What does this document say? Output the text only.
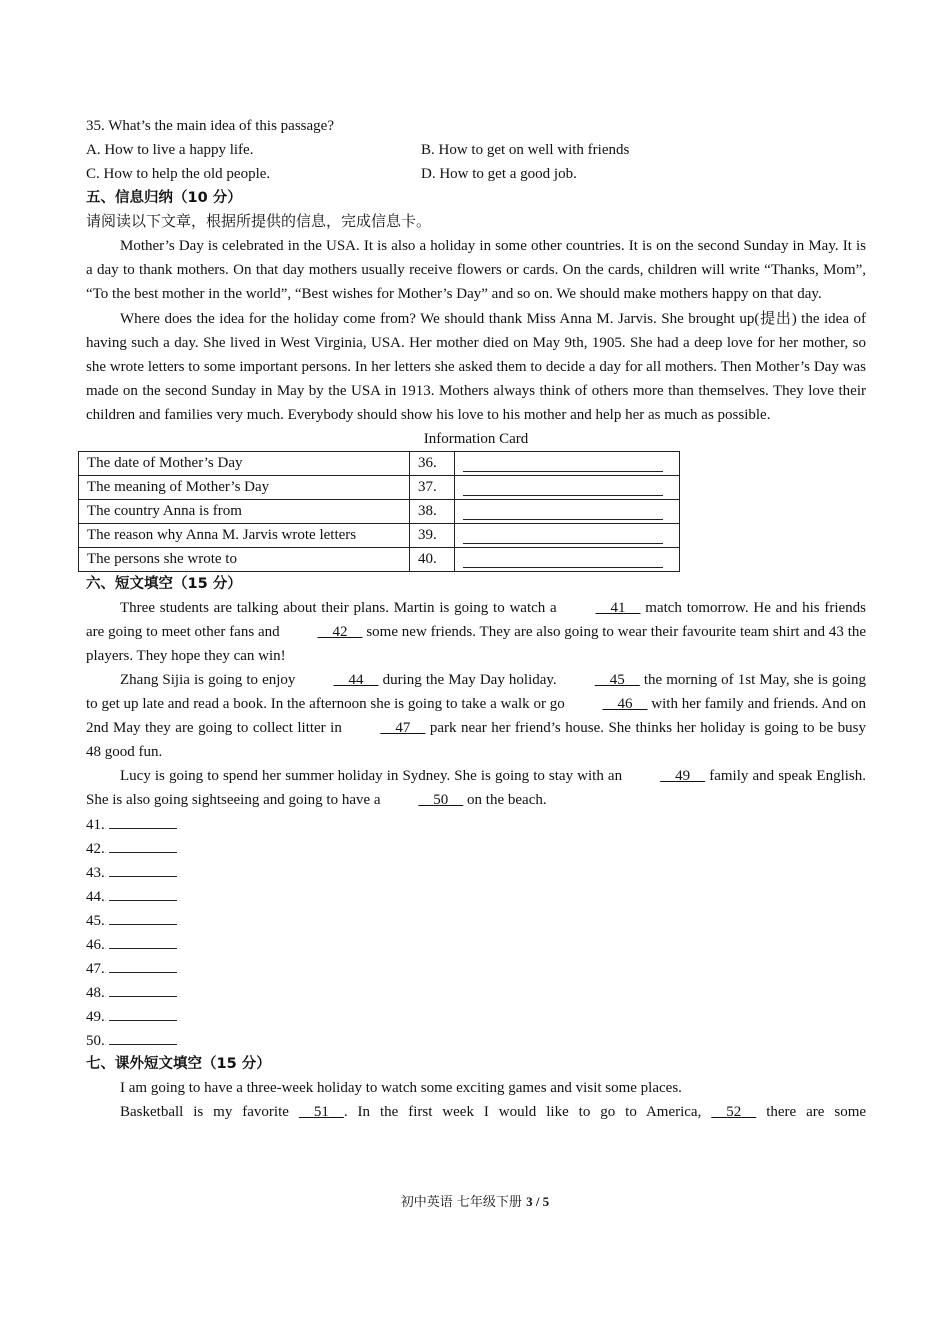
35. What’s the main idea of this passage?
A. How to live a happy life.	B. How to get on well with friends
C. How to help the old people.	D. How to get a good job.
五、信息归纳（10 分）
请阅读以下文章，根据所提供的信息，完成信息卡。

Mother’s Day is celebrated in the USA. It is also a holiday in some other countries. It is on the second Sunday in May. It is a day to thank mothers. On that day mothers usually receive flowers or cards. On the cards, children will write “Thanks, Mom”, “To the best mother in the world”, “Best wishes for Mother’s Day” and so on. We should make mothers happy on that day.

Where does the idea for the holiday come from? We should thank Miss Anna M. Jarvis. She brought up(提出) the idea of having such a day. She lived in West Virginia, USA. Her mother died on May 9th, 1905. She had a deep love for her mother, so she wrote letters to some important persons. In her letters she asked them to decide a day for all mothers. Then Mother’s Day was made on the second Sunday in May by the USA in 1913. Mothers always think of others more than themselves. They love their children and families very much. Everybody should show his love to his mother and help her as much as possible.

Information Card
The date of Mother’s Day	36.	
The meaning of Mother’s Day	37.	
The country Anna is from	38.	
The reason why Anna M. Jarvis wrote letters	39.	
The persons she wrote to	40.	
六、短文填空（15 分）

Three students are talking about their plans. Martin is going to watch a	41 match tomorrow. He and his friends are going to meet other fans and	42 some new friends. They are also going to wear their favourite team shirt and 43 the players. They hope they can win!

Zhang Sijia is going to enjoy	44 during the May Day holiday.	45 the morning of 1st May, she is going to get up late and read a book. In the afternoon she is going to take a walk or go	46 with her family and friends. And on 2nd May they are going to collect litter in	47 park near her friend’s house. She thinks her holiday is going to be busy 48 good fun.

Lucy is going to spend her summer holiday in Sydney. She is going to stay with an	49 family and speak English. She is also going sightseeing and going to have a	50 on the beach.

41.
42.
43.
44.
45.
46.
47.
48.
49.
50.
七、课外短文填空（15 分）
I am going to have a three-week holiday to watch some exciting games and visit some places.
Basketball is my favorite 51 . In the first week I would like to go to America, 52 there are some
初中英语 七年级下册 3 / 5
